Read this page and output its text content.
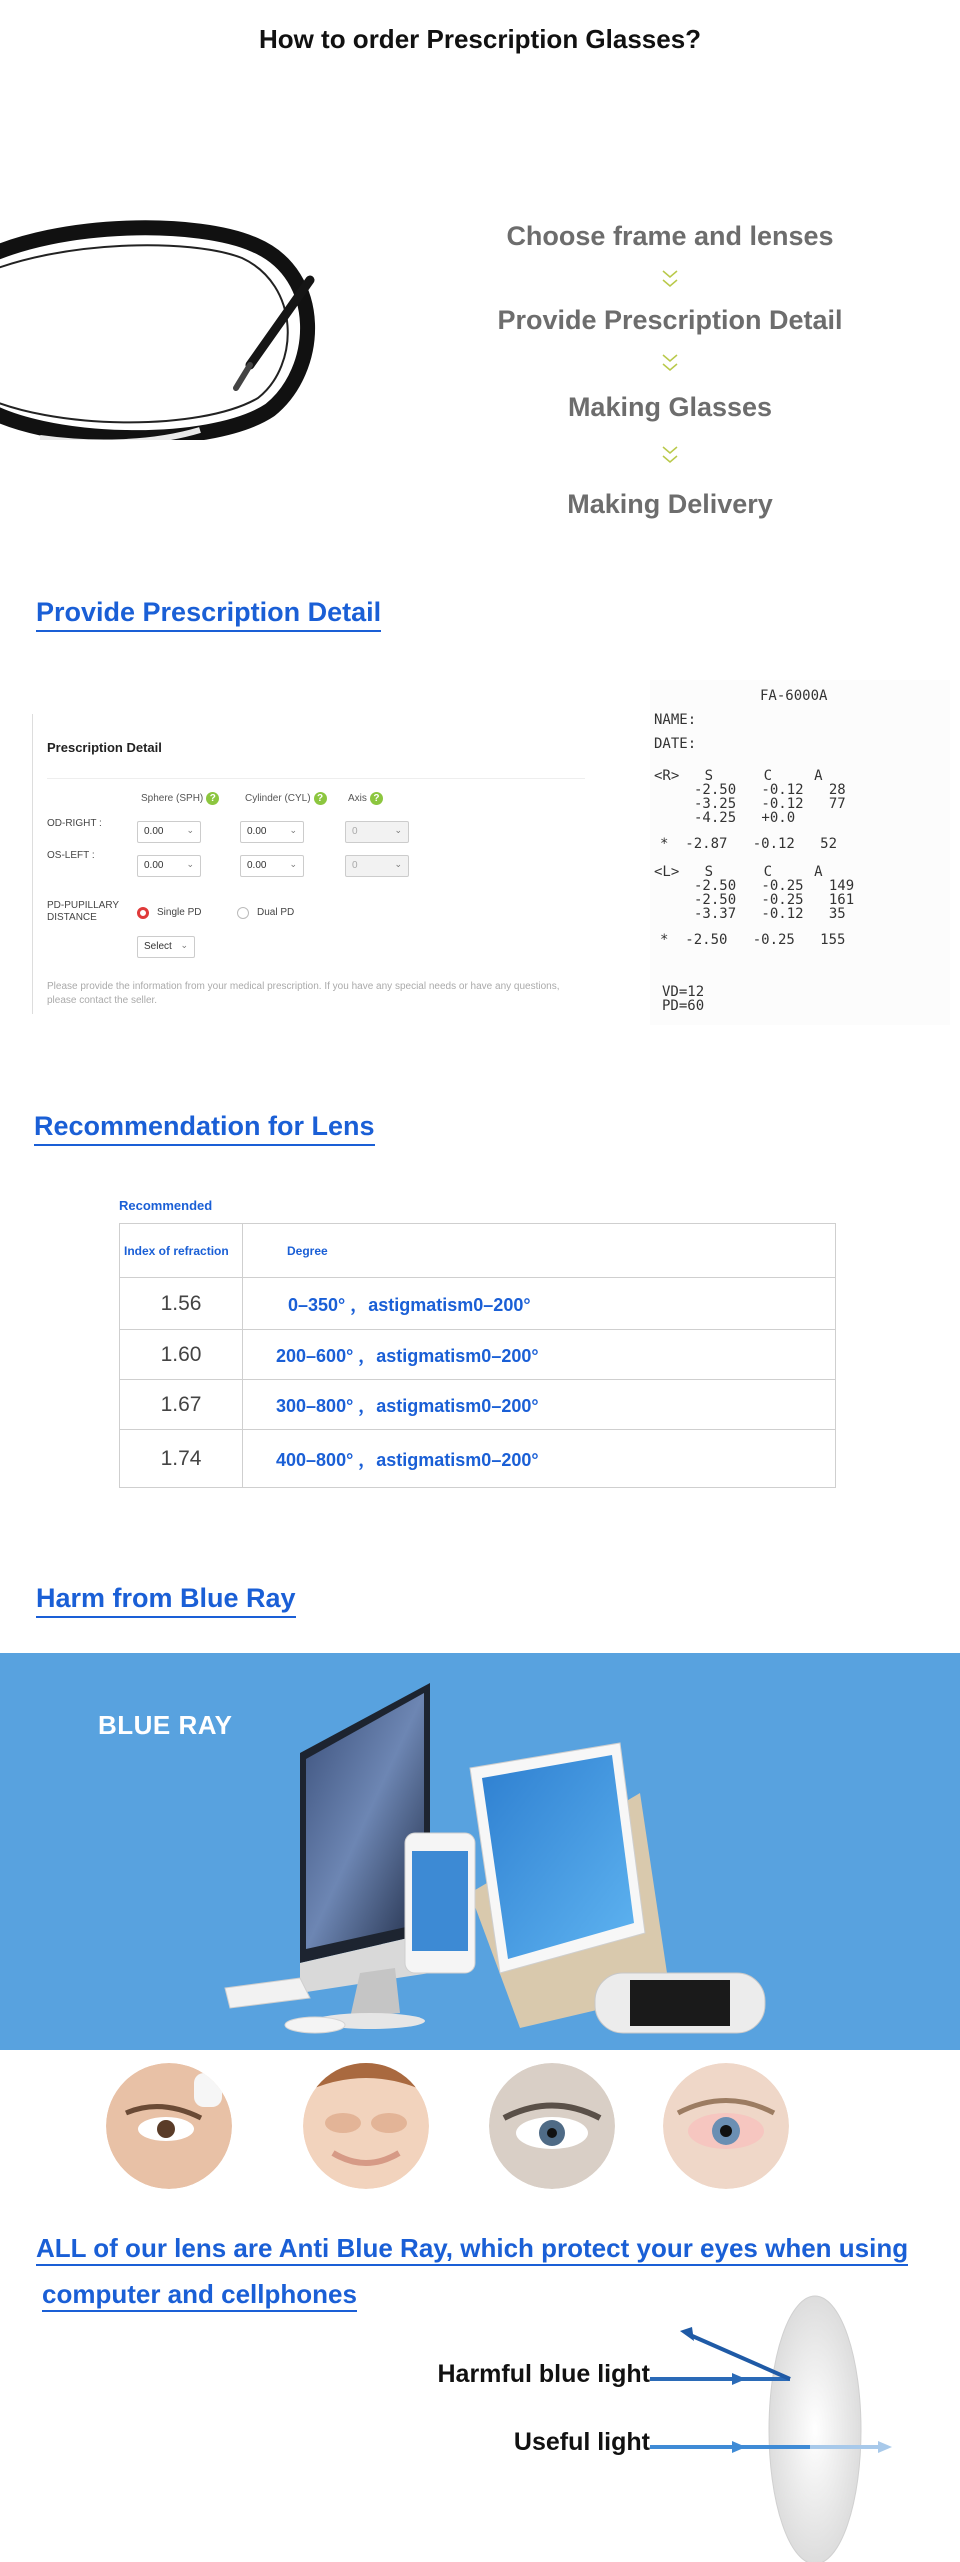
How to order Prescription Glasses?
Choose frame and lenses
Provide Prescription Detail
Making Glasses
Making Delivery
Provide Prescription Detail
Prescription Detail
Sphere (SPH) ?	Cylinder (CYL) ?	Axis ?
OD-RIGHT :
OS-LEFT :
0.00	⌄	0.00	⌄	0	⌄
0.00	⌄	0.00	⌄	0	⌄
PD-PUPILLARY
DISTANCE	Single PD	Dual PD
Select ⌄
Please provide the information from your medical prescription. If you have any special needs or have any questions, please contact the seller.
FA-6000A
NAME:
DATE:
<R>   S      C     A
-2.50   -0.12   28
-3.25   -0.12   77
-4.25   +0.0
*  -2.87   -0.12   52
<L>   S      C     A
-2.50   -0.25   149
-2.50   -0.25   161
-3.37   -0.12   35
*  -2.50   -0.25   155
VD=12
PD=60
Recommendation for Lens
Recommended
Index of refraction	Degree
1.56	0–350° ，astigmatism0–200°
1.60	200–600° ，astigmatism0–200°
1.67	300–800° ，astigmatism0–200°
1.74	400–800° ，astigmatism0–200°
Harm from Blue Ray
BLUE RAY
ALL of our lens are Anti Blue Ray, which protect your eyes when using
computer and cellphones
Harmful blue light
Useful light
